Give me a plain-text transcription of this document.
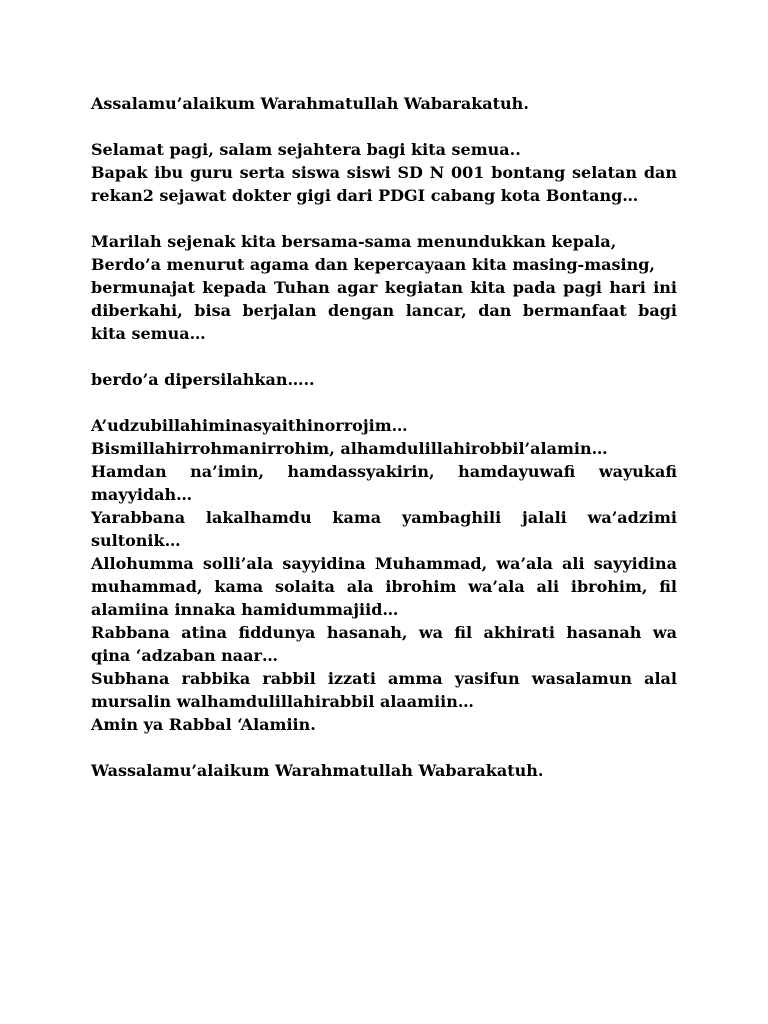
Assalamu’alaikum Warahmatullah Wabarakatuh.
Selamat pagi, salam sejahtera bagi kita semua..
Bapak ibu guru serta siswa siswi SD N 001 bontang selatan dan
rekan2 sejawat dokter gigi dari PDGI cabang kota Bontang…
Marilah sejenak kita bersama-sama menundukkan kepala,
Berdo’a menurut agama dan kepercayaan kita masing-masing,
bermunajat kepada Tuhan agar kegiatan kita pada pagi hari ini
diberkahi, bisa berjalan dengan lancar, dan bermanfaat bagi
kita semua…
berdo’a dipersilahkan…..
A’udzubillahiminasyaithinorrojim…
Bismillahirrohmanirrohim, alhamdulillahirobbil’alamin…
Hamdan na’imin, hamdassyakirin, hamdayuwafi wayukafi
mayyidah…
Yarabbana lakalhamdu kama yambaghili jalali wa’adzimi
sultonik…
Allohumma solli’ala sayyidina Muhammad, wa’ala ali sayyidina
muhammad, kama solaita ala ibrohim wa’ala ali ibrohim, fil
alamiina innaka hamidummajiid…
Rabbana atina fiddunya hasanah, wa fil akhirati hasanah wa
qina ‘adzaban naar…
Subhana rabbika rabbil izzati amma yasifun wasalamun alal
mursalin walhamdulillahirabbil alaamiin…
Amin ya Rabbal ‘Alamiin.
Wassalamu’alaikum Warahmatullah Wabarakatuh.
